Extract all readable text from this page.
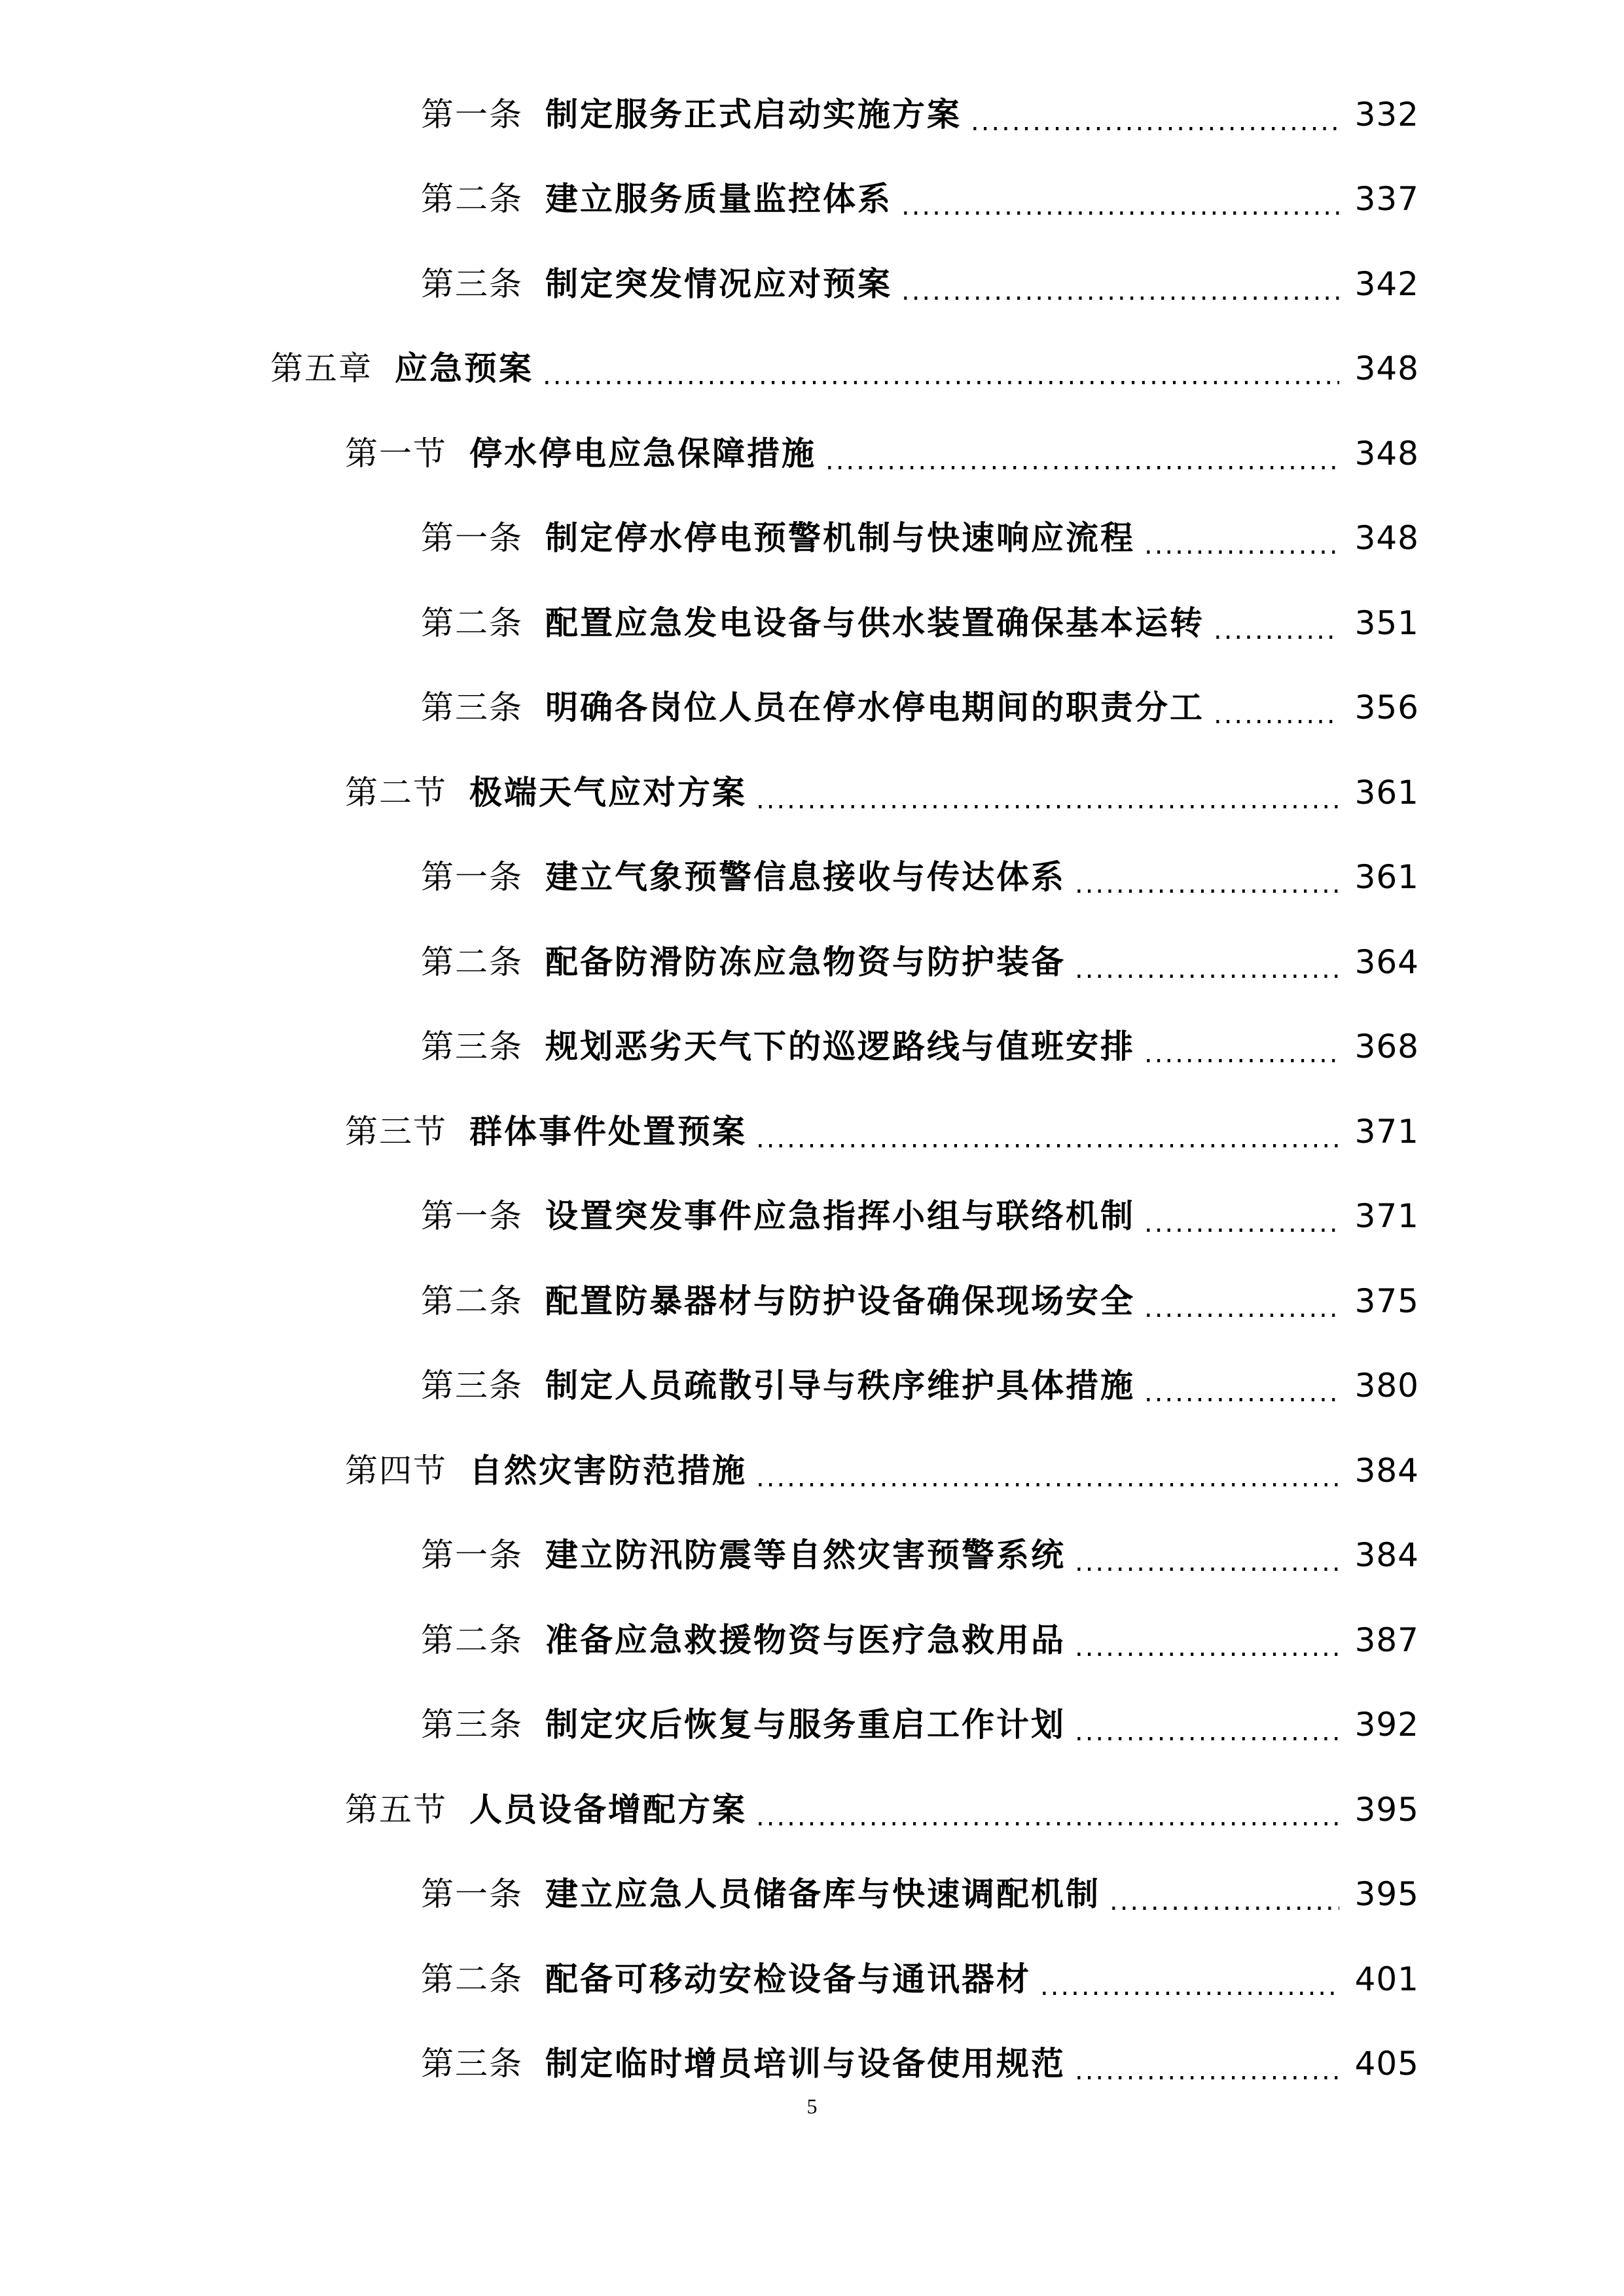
第一条 制定服务正式启动实施方案 .....	332
第二条 建立服务质量监控体系 .....	337
第三条 制定突发情况应对预案 .....	342
第五章 应急预案 .....	348
第一节 停水停电应急保障措施 .....	348
第一条 制定停水停电预警机制与快速响应流程 .....	348
第二条 配置应急发电设备与供水装置确保基本运转 .....	351
第三条 明确各岗位人员在停水停电期间的职责分工 .....	356
第二节 极端天气应对方案 .....	361
第一条 建立气象预警信息接收与传达体系 .....	361
第二条 配备防滑防冻应急物资与防护装备 .....	364
第三条 规划恶劣天气下的巡逻路线与值班安排 .....	368
第三节 群体事件处置预案 .....	371
第一条 设置突发事件应急指挥小组与联络机制 .....	371
第二条 配置防暴器材与防护设备确保现场安全 .....	375
第三条 制定人员疏散引导与秩序维护具体措施 .....	380
第四节 自然灾害防范措施 .....	384
第一条 建立防汛防震等自然灾害预警系统 .....	384
第二条 准备应急救援物资与医疗急救用品 .....	387
第三条 制定灾后恢复与服务重启工作计划 .....	392
第五节 人员设备增配方案 .....	395
第一条 建立应急人员储备库与快速调配机制 .....	395
第二条 配备可移动安检设备与通讯器材 .....	401
第三条 制定临时增员培训与设备使用规范 .....	405
5
